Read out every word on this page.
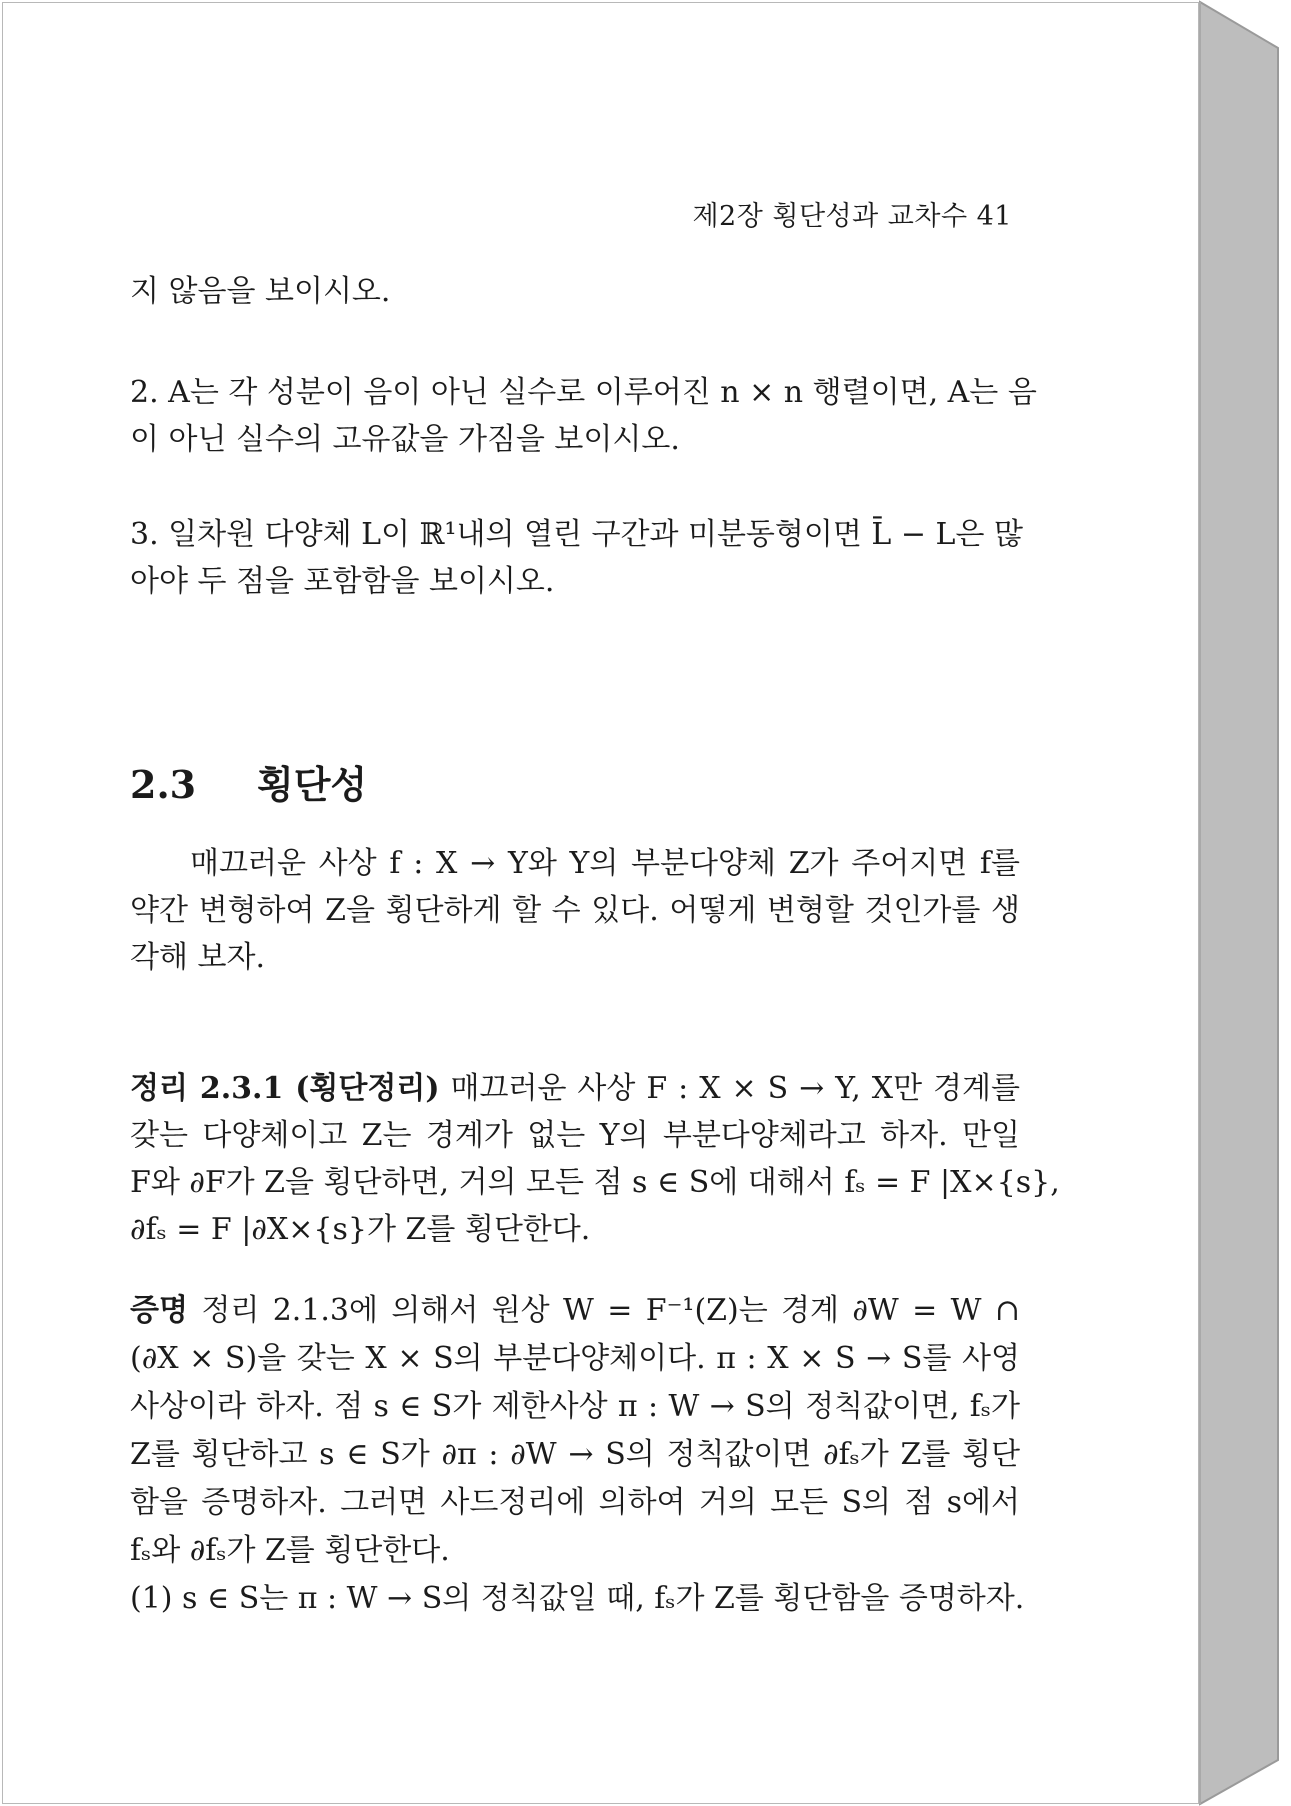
제2장 횡단성과 교차수 41
지 않음을 보이시오.
2. A는 각 성분이 음이 아닌 실수로 이루어진 n × n 행렬이면, A는 음
이 아닌 실수의 고유값을 가짐을 보이시오.
3. 일차원 다양체 L이 ℝ¹내의 열린 구간과 미분동형이면 L̄ − L은 많
아야 두 점을 포함함을 보이시오.
2.3 횡단성
매끄러운 사상 f : X → Y와 Y의 부분다양체 Z가 주어지면 f를
약간 변형하여 Z을 횡단하게 할 수 있다. 어떻게 변형할 것인가를 생
각해 보자.
정리 2.3.1 (횡단정리) 매끄러운 사상 F : X × S → Y, X만 경계를
갖는 다양체이고 Z는 경계가 없는 Y의 부분다양체라고 하자. 만일
F와 ∂F가 Z을 횡단하면, 거의 모든 점 s ∈ S에 대해서 fₛ = F |X×{s},
∂fₛ = F |∂X×{s}가 Z를 횡단한다.
증명 정리 2.1.3에 의해서 원상 W = F⁻¹(Z)는 경계 ∂W = W ∩
(∂X × S)을 갖는 X × S의 부분다양체이다. π : X × S → S를 사영
사상이라 하자. 점 s ∈ S가 제한사상 π : W → S의 정칙값이면, fₛ가
Z를 횡단하고 s ∈ S가 ∂π : ∂W → S의 정칙값이면 ∂fₛ가 Z를 횡단
함을 증명하자. 그러면 사드정리에 의하여 거의 모든 S의 점 s에서
fₛ와 ∂fₛ가 Z를 횡단한다.
(1) s ∈ S는 π : W → S의 정칙값일 때, fₛ가 Z를 횡단함을 증명하자.
